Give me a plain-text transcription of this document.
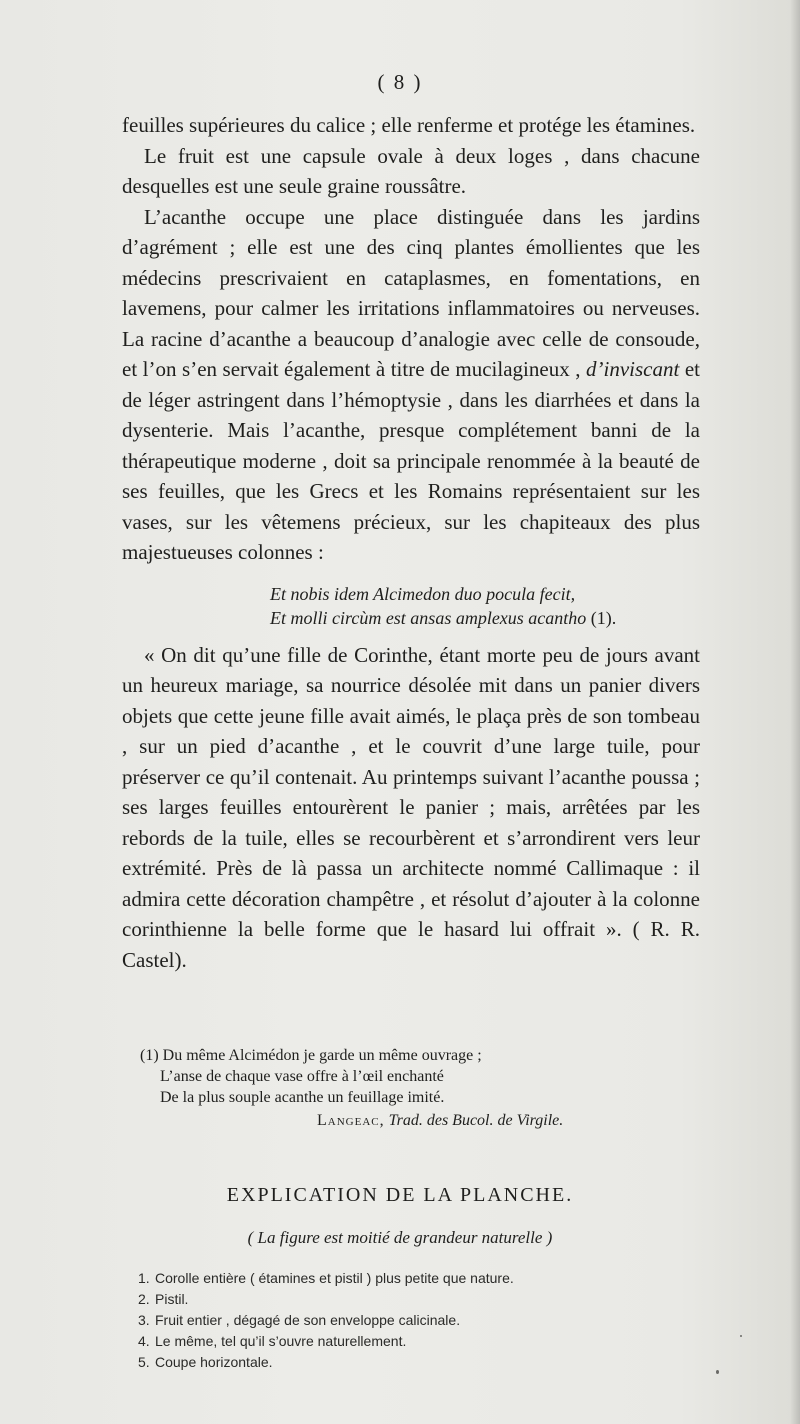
( 8 )

feuilles supérieures du calice ; elle renferme et protége les étamines.

Le fruit est une capsule ovale à deux loges , dans chacune desquelles est une seule graine roussâtre.

L’acanthe occupe une place distinguée dans les jardins d’agrément ; elle est une des cinq plantes émollientes que les médecins prescrivaient en cataplasmes, en fomentations, en lavemens, pour calmer les irritations inflammatoires ou nerveuses. La racine d’acanthe a beaucoup d’analogie avec celle de consoude, et l’on s’en servait également à titre de mucilagineux , d’inviscant et de léger astringent dans l’hémoptysie , dans les diarrhées et dans la dysenterie. Mais l’acanthe, presque complétement banni de la thérapeutique moderne , doit sa principale renommée à la beauté de ses feuilles, que les Grecs et les Romains représentaient sur les vases, sur les vêtemens précieux, sur les chapiteaux des plus majestueuses colonnes :

Et nobis idem Alcimedon duo pocula fecit,
Et molli circùm est ansas amplexus acantho (1).

« On dit qu’une fille de Corinthe, étant morte peu de jours avant un heureux mariage, sa nourrice désolée mit dans un panier divers objets que cette jeune fille avait aimés, le plaça près de son tombeau , sur un pied d’acanthe , et le couvrit d’une large tuile, pour préserver ce qu’il contenait. Au printemps suivant l’acanthe poussa ; ses larges feuilles entourèrent le panier ; mais, arrêtées par les rebords de la tuile, elles se recourbèrent et s’arrondirent vers leur extrémité. Près de là passa un architecte nommé Callimaque : il admira cette décoration champêtre , et résolut d’ajouter à la colonne corinthienne la belle forme que le hasard lui offrait ». ( R. R. Castel).

(1) Du même Alcimédon je garde un même ouvrage ;
L’anse de chaque vase offre à l’œil enchanté
De la plus souple acanthe un feuillage imité.
Langeac, Trad. des Bucol. de Virgile.
EXPLICATION DE LA PLANCHE.
( La figure est moitié de grandeur naturelle )
1. Corolle entière ( étamines et pistil ) plus petite que nature.
2. Pistil.
3. Fruit entier , dégagé de son enveloppe calicinale.
4. Le même, tel qu’il s’ouvre naturellement.
5. Coupe horizontale.
